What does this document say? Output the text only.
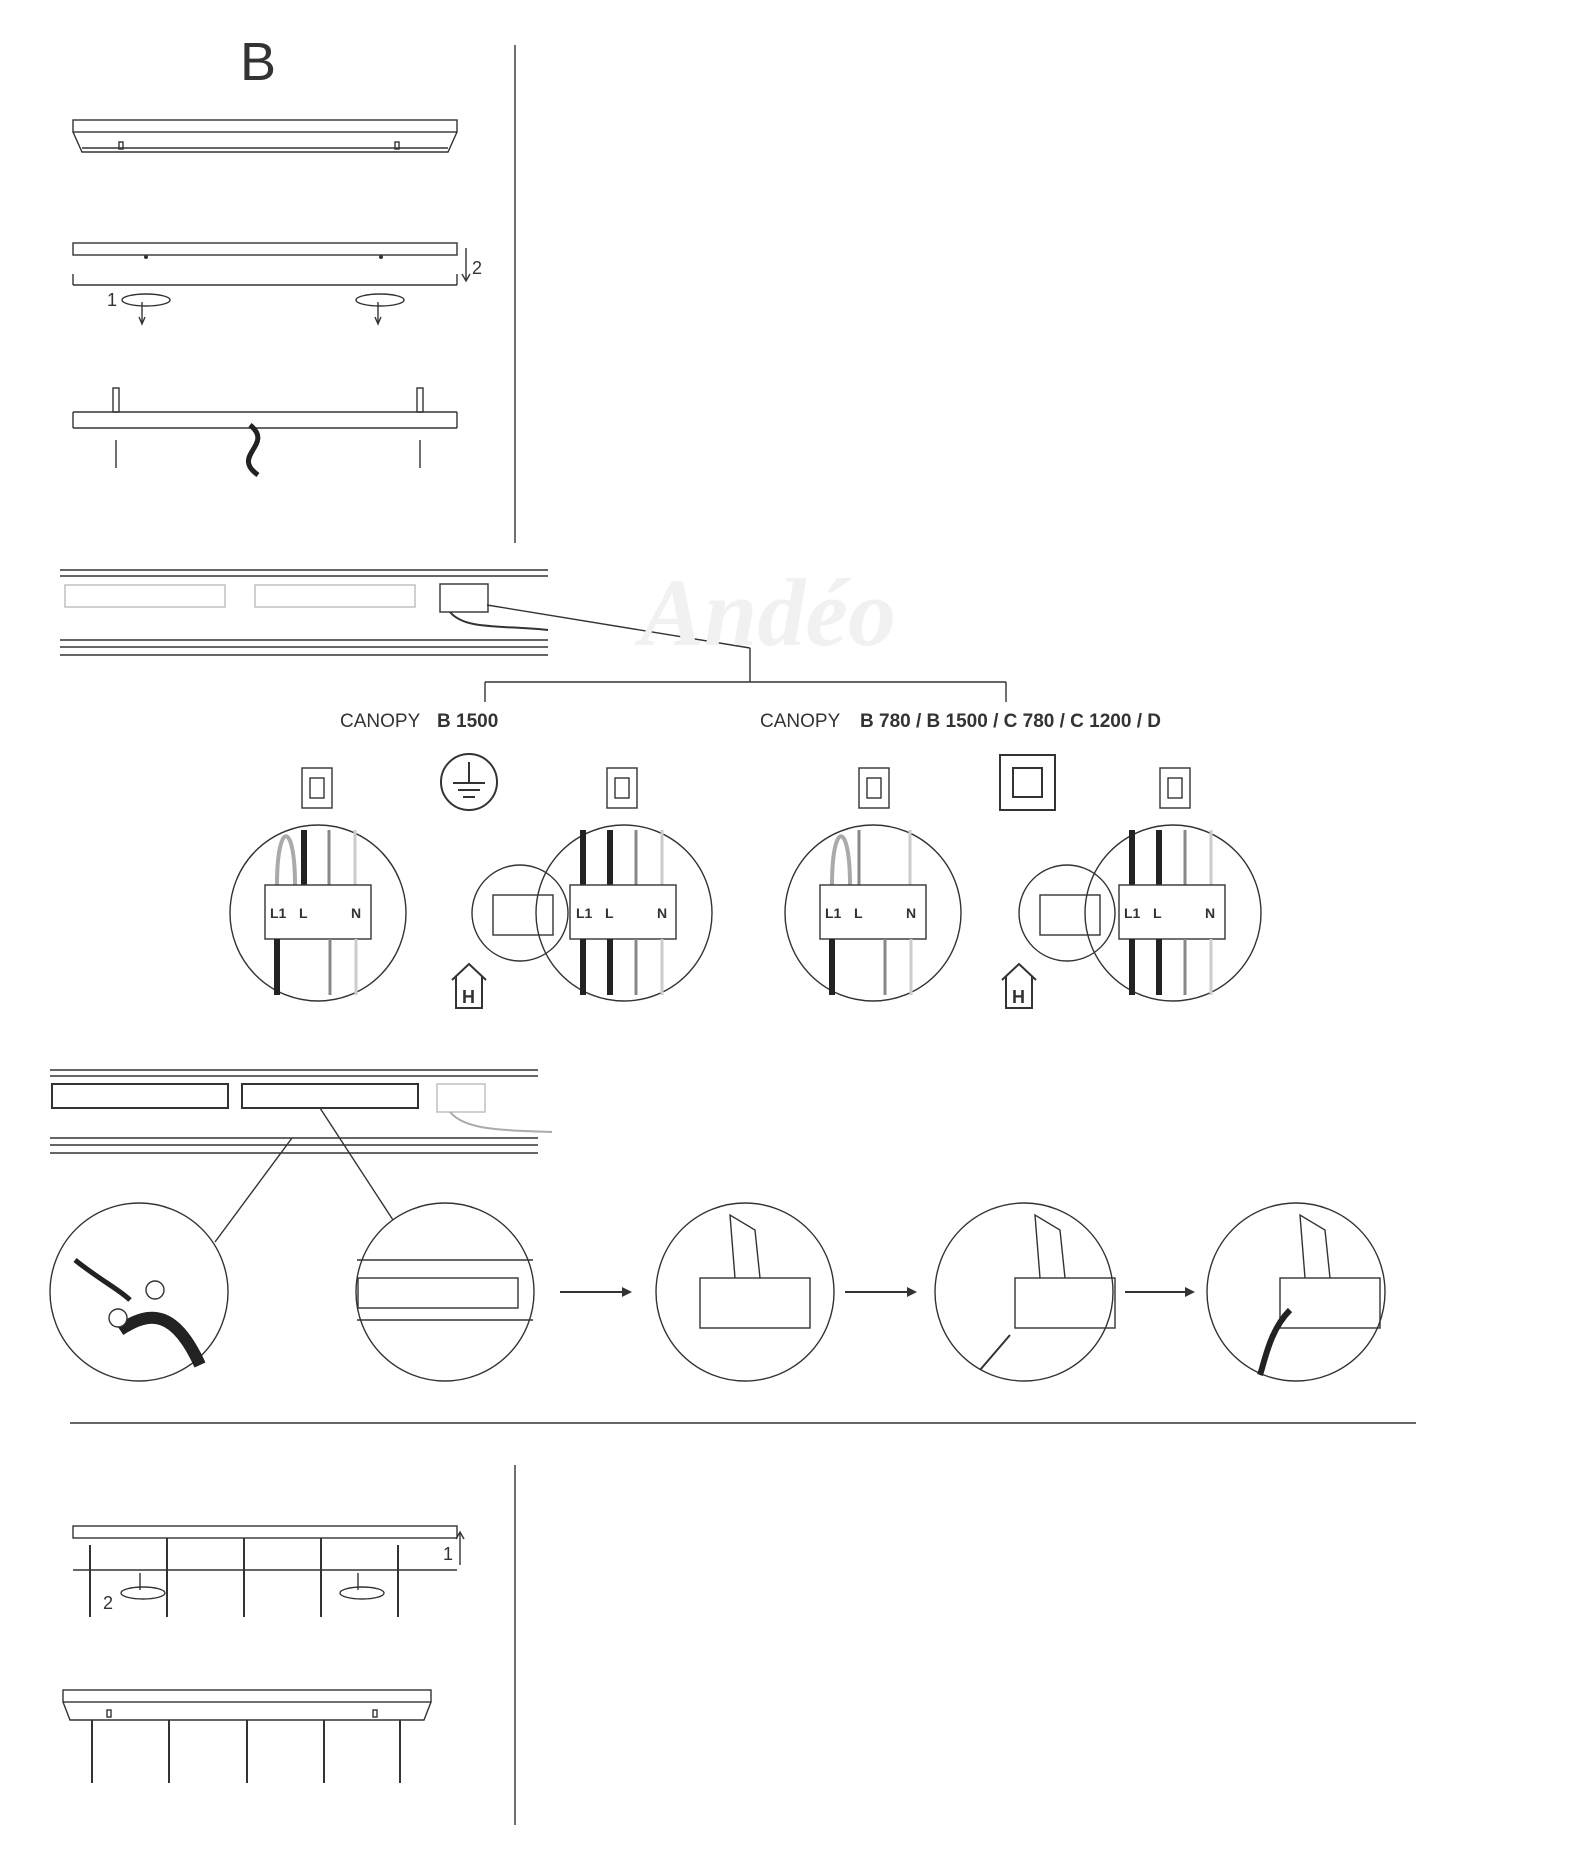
B
1
2
Andéo
CANOPY B 1500	CANOPY B 780 / B 1500 / C 780 / C 1200 / D
L1 L	N	L1 L	N	L1 L	N	L1 L	N
H	H
2
1
